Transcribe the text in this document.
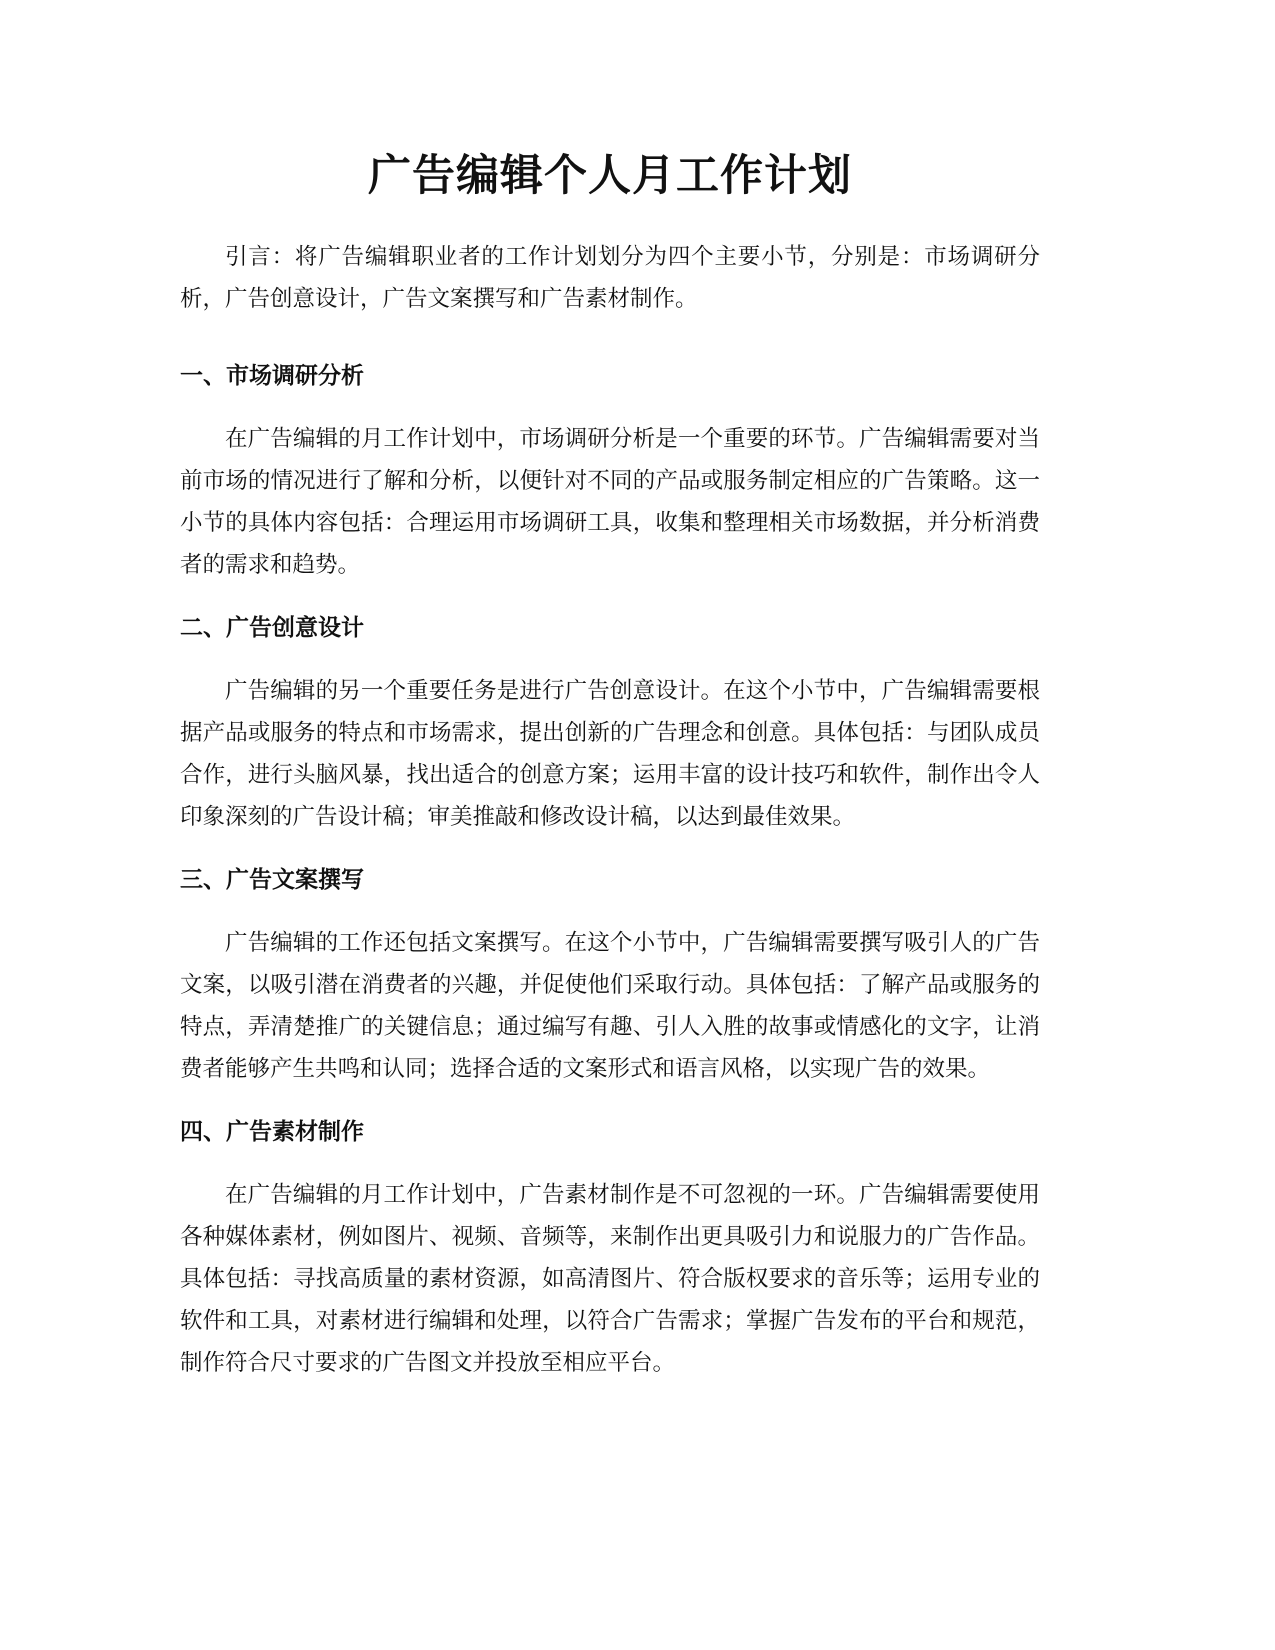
广告编辑个人月工作计划

引言：将广告编辑职业者的工作计划划分为四个主要小节，分别是：市场调研分析，广告创意设计，广告文案撰写和广告素材制作。

一、市场调研分析

在广告编辑的月工作计划中，市场调研分析是一个重要的环节。广告编辑需要对当前市场的情况进行了解和分析，以便针对不同的产品或服务制定相应的广告策略。这一小节的具体内容包括：合理运用市场调研工具，收集和整理相关市场数据，并分析消费者的需求和趋势。

二、广告创意设计

广告编辑的另一个重要任务是进行广告创意设计。在这个小节中，广告编辑需要根据产品或服务的特点和市场需求，提出创新的广告理念和创意。具体包括：与团队成员合作，进行头脑风暴，找出适合的创意方案；运用丰富的设计技巧和软件，制作出令人印象深刻的广告设计稿；审美推敲和修改设计稿，以达到最佳效果。

三、广告文案撰写

广告编辑的工作还包括文案撰写。在这个小节中，广告编辑需要撰写吸引人的广告文案，以吸引潜在消费者的兴趣，并促使他们采取行动。具体包括：了解产品或服务的特点，弄清楚推广的关键信息；通过编写有趣、引人入胜的故事或情感化的文字，让消费者能够产生共鸣和认同；选择合适的文案形式和语言风格，以实现广告的效果。

四、广告素材制作

在广告编辑的月工作计划中，广告素材制作是不可忽视的一环。广告编辑需要使用各种媒体素材，例如图片、视频、音频等，来制作出更具吸引力和说服力的广告作品。具体包括：寻找高质量的素材资源，如高清图片、符合版权要求的音乐等；运用专业的软件和工具，对素材进行编辑和处理，以符合广告需求；掌握广告发布的平台和规范，制作符合尺寸要求的广告图文并投放至相应平台。
